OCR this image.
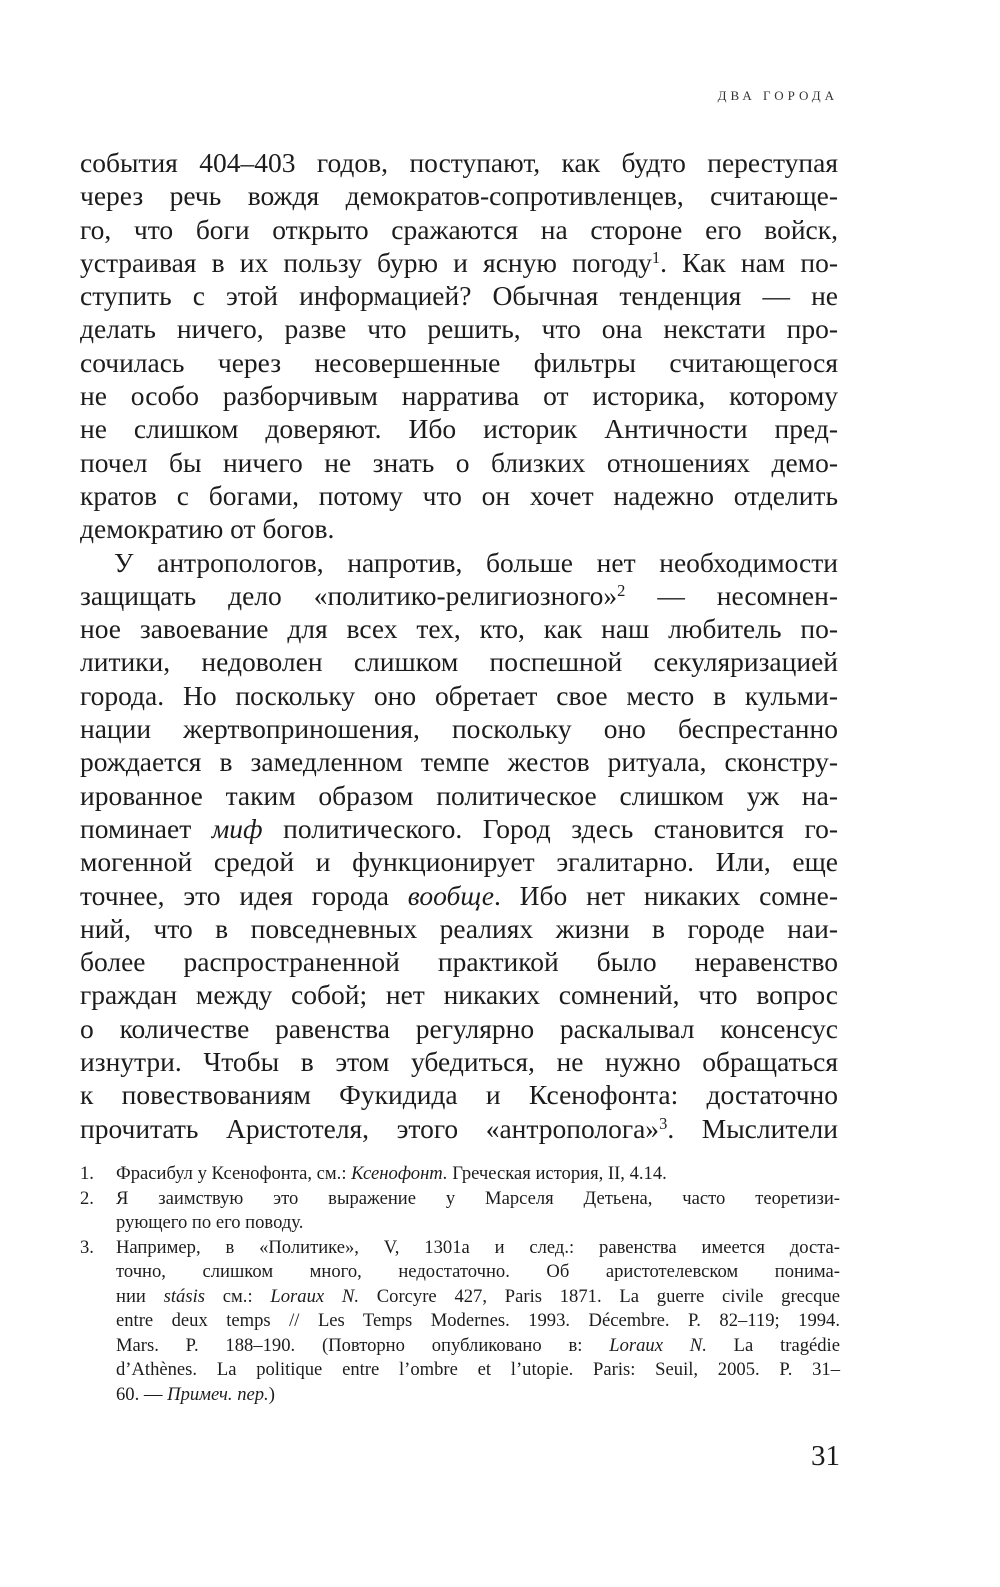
ДВА ГОРОДА
события 404–403 годов, поступают, как будто переступая
через речь вождя демократов-сопротивленцев, считающе-
го, что боги открыто сражаются на стороне его войск,
устраивая в их пользу бурю и ясную погоду$^1$. Как нам по-
ступить с этой информацией? Обычная тенденция — не
делать ничего, разве что решить, что она некстати про-
сочилась через несовершенные фильтры считающегося
не особо разборчивым нарратива от историка, которому
не слишком доверяют. Ибо историк Античности пред-
почел бы ничего не знать о близких отношениях демо-
кратов с богами, потому что он хочет надежно отделить
демократию от богов.
У антропологов, напротив, больше нет необходимости
защищать дело «политико-религиозного»$^2$ — несомнен-
ное завоевание для всех тех, кто, как наш любитель по-
литики, недоволен слишком поспешной секуляризацией
города. Но поскольку оно обретает свое место в кульми-
нации жертвоприношения, поскольку оно беспрестанно
рождается в замедленном темпе жестов ритуала, сконстру-
ированное таким образом политическое слишком уж на-
поминает миф политического. Город здесь становится го-
могенной средой и функционирует эгалитарно. Или, еще
точнее, это идея города вообще. Ибо нет никаких сомне-
ний, что в повседневных реалиях жизни в городе наи-
более распространенной практикой было неравенство
граждан между собой; нет никаких сомнений, что вопрос
о количестве равенства регулярно раскалывал консенсус
изнутри. Чтобы в этом убедиться, не нужно обращаться
к повествованиям Фукидида и Ксенофонта: достаточно
прочитать Аристотеля, этого «антрополога»$^3$. Мыслители
1.	Фрасибул у Ксенофонта, см.: Ксенофонт. Греческая история, II, 4.14.
2.	Я заимствую это выражение у Марселя Детьена, часто теоретизи-
рующего по его поводу.
3.	Например, в «Политике», V, 1301a и след.: равенства имеется доста-
точно, слишком много, недостаточно. Об аристотелевском понима-
нии stásis см.: Loraux N. Corcyre 427, Paris 1871. La guerre civile grecque
entre deux temps // Les Temps Modernes. 1993. Décembre. P. 82–119; 1994.
Mars. P. 188–190. (Повторно опубликовано в: Loraux N. La tragédie
d’Athènes. La politique entre l’ombre et l’utopie. Paris: Seuil, 2005. P. 31–
60. — Примеч. пер.)
31
